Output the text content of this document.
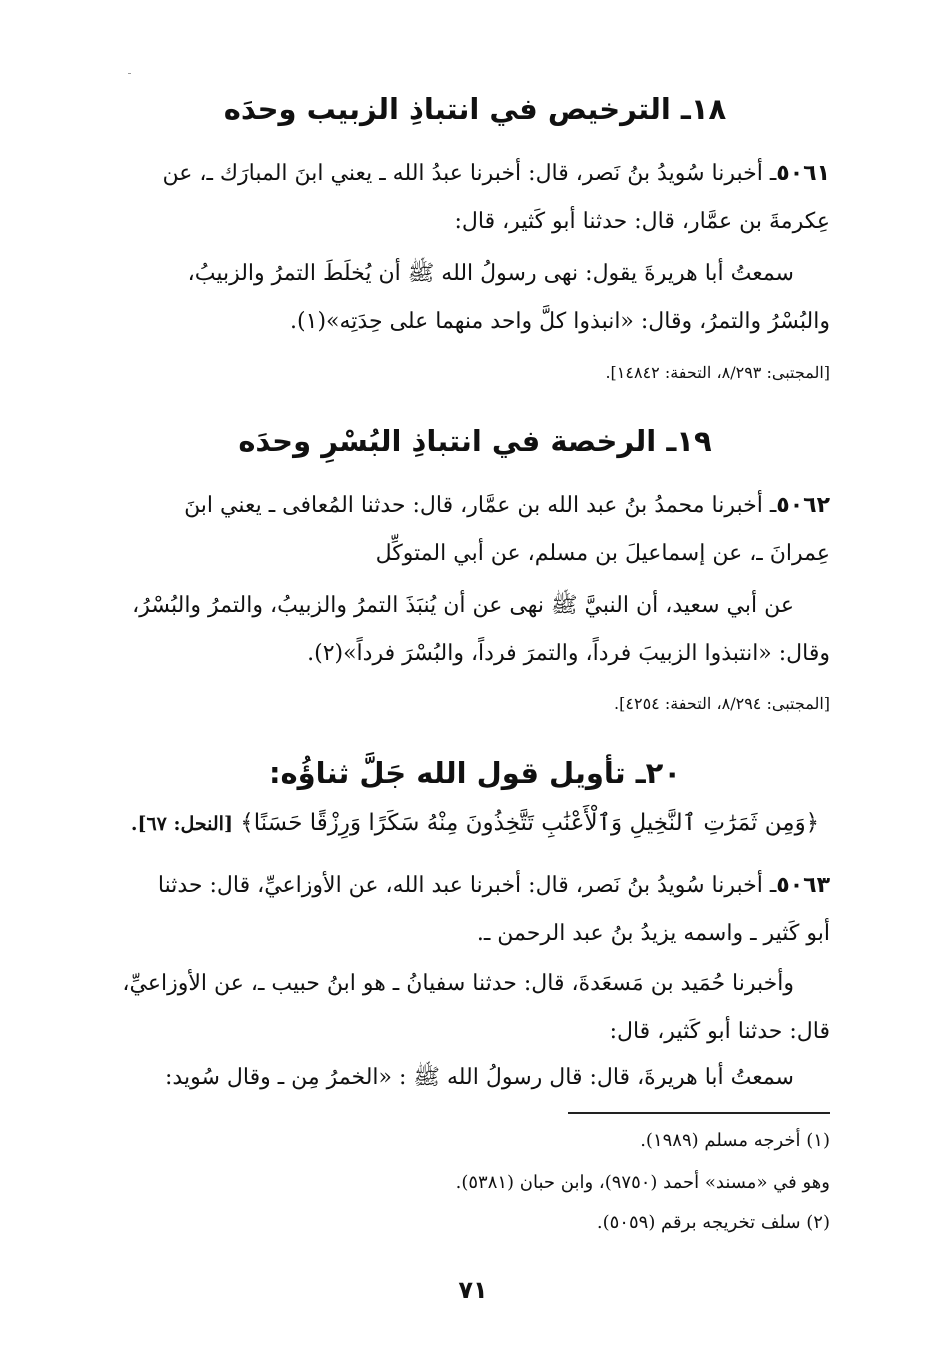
١٨ـ الترخيص في انتباذِ الزبيب وحدَه
٥٠٦١ـ أخبرنا سُويدُ بنُ نَصر، قال: أخبرنا عبدُ الله ـ يعني ابنَ المبارَك ـ، عن
عِكرمةَ بن عمَّار، قال: حدثنا أبو كَثير، قال:
سمعتُ أبا هريرةَ يقول: نهى رسولُ الله ﷺ أن يُخلَطَ التمرُ والزبيبُ،
والبُسْرُ والتمرُ، وقال: «انبذوا كلَّ واحد منهما على حِدَتِه»(١).
[المجتبى: ٨/٢٩٣، التحفة: ١٤٨٤٢].
١٩ـ الرخصة في انتباذِ البُسْرِ وحدَه
٥٠٦٢ـ أخبرنا محمدُ بنُ عبد الله بن عمَّار، قال: حدثنا المُعافى ـ يعني ابنَ
عِمرانَ ـ، عن إسماعيلَ بن مسلم، عن أبي المتوكِّل
عن أبي سعيد، أن النبيَّ ﷺ نهى عن أن يُنبَذَ التمرُ والزبيبُ، والتمرُ والبُسْرُ،
وقال: «انتبذوا الزبيبَ فرداً، والتمرَ فرداً، والبُسْرَ فرداً»(٢).
[المجتبى: ٨/٢٩٤، التحفة: ٤٢٥٤].
٢٠ـ تأويل قول الله جَلَّ ثناؤُه:
﴿وَمِن ثَمَرَٰتِ ٱلنَّخِيلِ وَٱلْأَعْنَٰبِ تَتَّخِذُونَ مِنْهُ سَكَرًا وَرِزْقًا حَسَنًا﴾ [النحل: ٦٧].
٥٠٦٣ـ أخبرنا سُويدُ بنُ نَصر، قال: أخبرنا عبد الله، عن الأوزاعيِّ، قال: حدثنا
أبو كَثير ـ واسمه يزيدُ بنُ عبد الرحمن ـ.
وأخبرنا حُمَيد بن مَسعَدةَ، قال: حدثنا سفيانُ ـ هو ابنُ حبيب ـ، عن الأوزاعيِّ،
قال: حدثنا أبو كَثير، قال:
سمعتُ أبا هريرةَ، قال: قال رسولُ الله ﷺ : «الخمرُ مِن ـ وقال سُويد:
(١) أخرجه مسلم (١٩٨٩).
وهو في «مسند» أحمد (٩٧٥٠)، وابن حبان (٥٣٨١).
(٢) سلف تخريجه برقم (٥٠٥٩).
٧١
